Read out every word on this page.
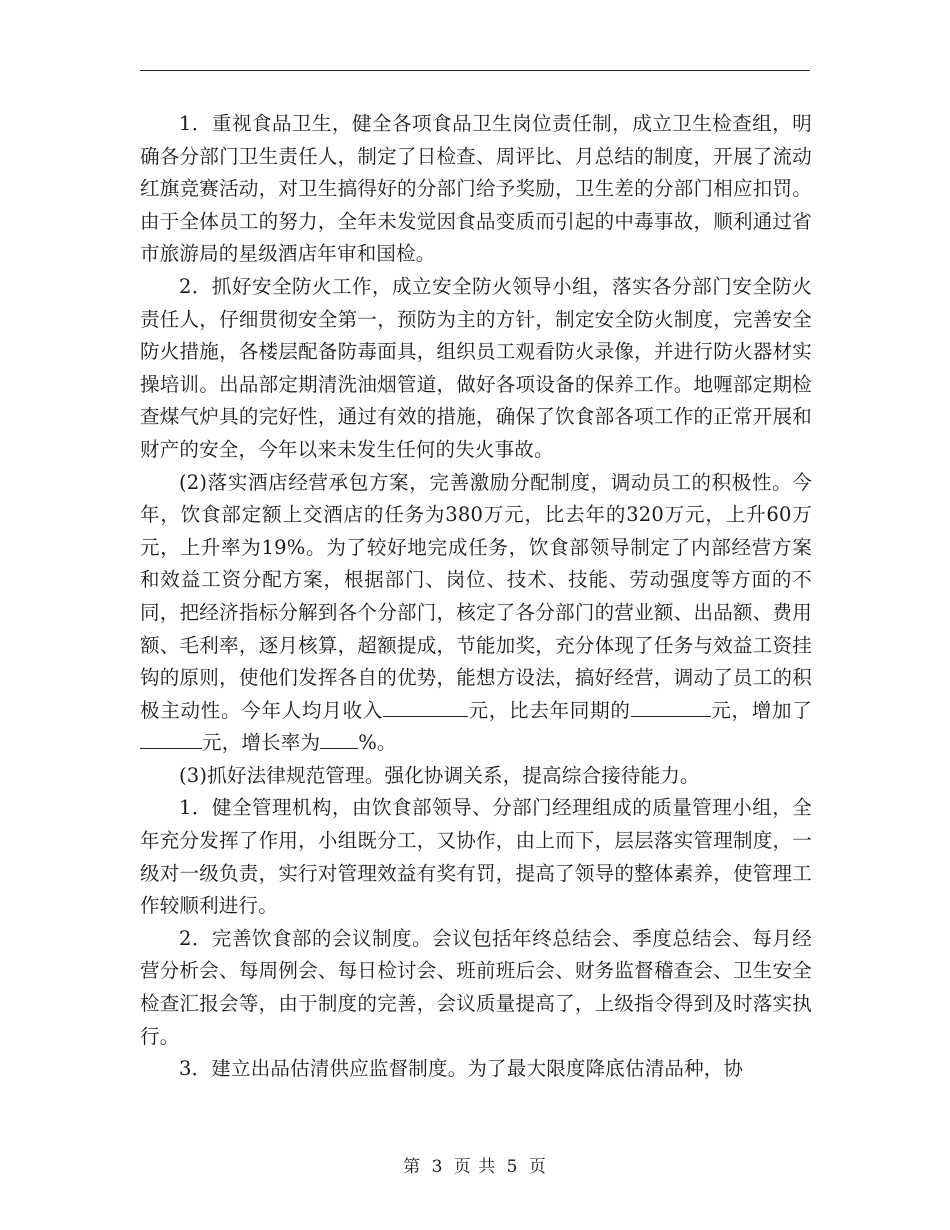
1．重视食品卫生，健全各项食品卫生岗位责任制，成立卫生检查组，明确各分部门卫生责任人，制定了日检查、周评比、月总结的制度，开展了流动红旗竞赛活动，对卫生搞得好的分部门给予奖励，卫生差的分部门相应扣罚。由于全体员工的努力，全年未发觉因食品变质而引起的中毒事故，顺利通过省市旅游局的星级酒店年审和国检。

2．抓好安全防火工作，成立安全防火领导小组，落实各分部门安全防火责任人，仔细贯彻安全第一，预防为主的方针，制定安全防火制度，完善安全防火措施，各楼层配备防毒面具，组织员工观看防火录像，并进行防火器材实操培训。出品部定期清洗油烟管道，做好各项设备的保养工作。地喱部定期检查煤气炉具的完好性，通过有效的措施，确保了饮食部各项工作的正常开展和财产的安全，今年以来未发生任何的失火事故。

(2)落实酒店经营承包方案，完善激励分配制度，调动员工的积极性。今年，饮食部定额上交酒店的任务为380万元，比去年的320万元，上升60万元，上升率为19%。为了较好地完成任务，饮食部领导制定了内部经营方案和效益工资分配方案，根据部门、岗位、技术、技能、劳动强度等方面的不同，把经济指标分解到各个分部门，核定了各分部门的营业额、出品额、费用额、毛利率，逐月核算，超额提成，节能加奖，充分体现了任务与效益工资挂钩的原则，使他们发挥各自的优势，能想方设法，搞好经营，调动了员工的积极主动性。今年人均月收入	元，比去年同期的	元，增加了元，增长率为 %。

(3)抓好法律规范管理。强化协调关系，提高综合接待能力。

1．健全管理机构，由饮食部领导、分部门经理组成的质量管理小组，全年充分发挥了作用，小组既分工，又协作，由上而下，层层落实管理制度，一级对一级负责，实行对管理效益有奖有罚，提高了领导的整体素养，使管理工作较顺利进行。

2．完善饮食部的会议制度。会议包括年终总结会、季度总结会、每月经营分析会、每周例会、每日检讨会、班前班后会、财务监督稽查会、卫生安全检查汇报会等，由于制度的完善，会议质量提高了，上级指令得到及时落实执行。

3．建立出品估清供应监督制度。为了最大限度降底估清品种，协

第 3 页 共 5 页
